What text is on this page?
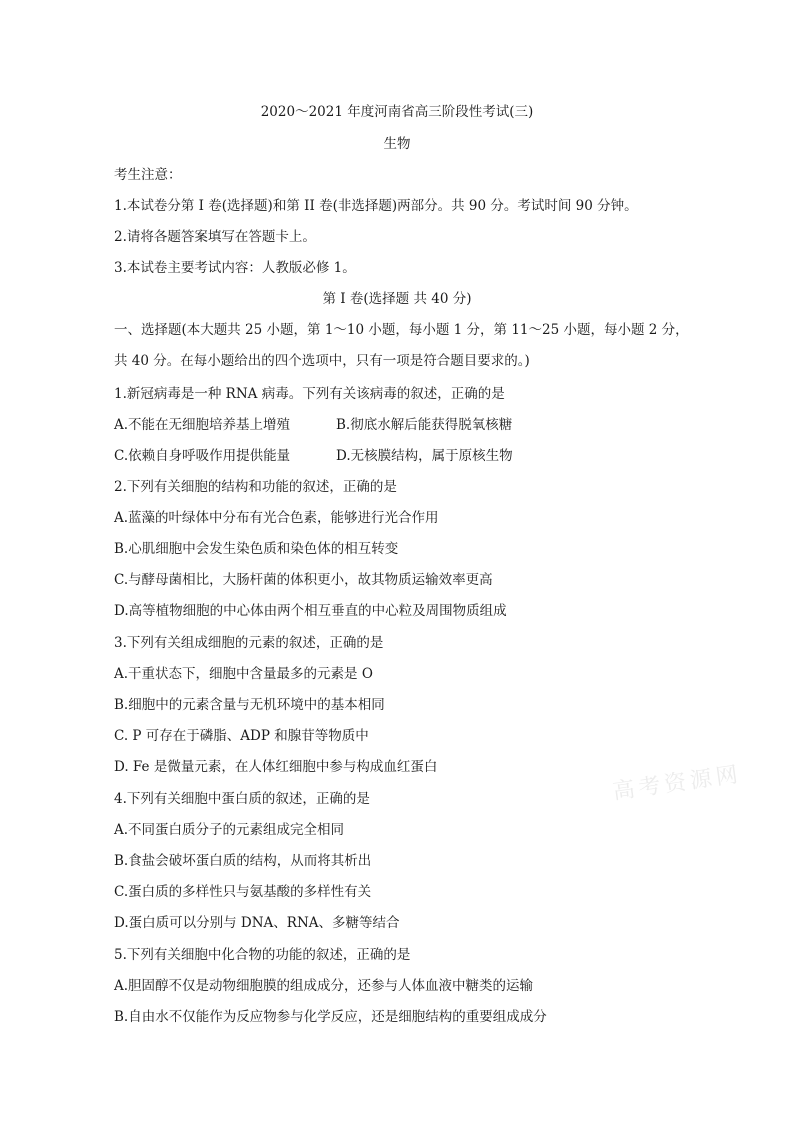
2020～2021 年度河南省高三阶段性考试(三)
生物
考生注意：
1.本试卷分第 I 卷(选择题)和第 II 卷(非选择题)两部分。共 90 分。考试时间 90 分钟。
2.请将各题答案填写在答题卡上。
3.本试卷主要考试内容：人教版必修 1。
第 I 卷(选择题 共 40 分)
一、选择题(本大题共 25 小题，第 1～10 小题，每小题 1 分，第 11～25 小题，每小题 2 分，
共 40 分。在每小题给出的四个选项中，只有一项是符合题目要求的。)
1.新冠病毒是一种 RNA 病毒。下列有关该病毒的叙述，正确的是
A.不能在无细胞培养基上增殖	B.彻底水解后能获得脱氧核糖
C.依赖自身呼吸作用提供能量	D.无核膜结构，属于原核生物
2.下列有关细胞的结构和功能的叙述，正确的是
A.蓝藻的叶绿体中分布有光合色素，能够进行光合作用
B.心肌细胞中会发生染色质和染色体的相互转变
C.与酵母菌相比，大肠杆菌的体积更小，故其物质运输效率更高
D.高等植物细胞的中心体由两个相互垂直的中心粒及周围物质组成
3.下列有关组成细胞的元素的叙述，正确的是
A.干重状态下，细胞中含量最多的元素是 O
B.细胞中的元素含量与无机环境中的基本相同
C. P 可存在于磷脂、ADP 和腺苷等物质中
D. Fe 是微量元素，在人体红细胞中参与构成血红蛋白
4.下列有关细胞中蛋白质的叙述，正确的是
A.不同蛋白质分子的元素组成完全相同
B.食盐会破坏蛋白质的结构，从而将其析出
C.蛋白质的多样性只与氨基酸的多样性有关
D.蛋白质可以分别与 DNA、RNA、多糖等结合
5.下列有关细胞中化合物的功能的叙述，正确的是
A.胆固醇不仅是动物细胞膜的组成成分，还参与人体血液中糖类的运输
B.自由水不仅能作为反应物参与化学反应，还是细胞结构的重要组成成分
高考资源网
